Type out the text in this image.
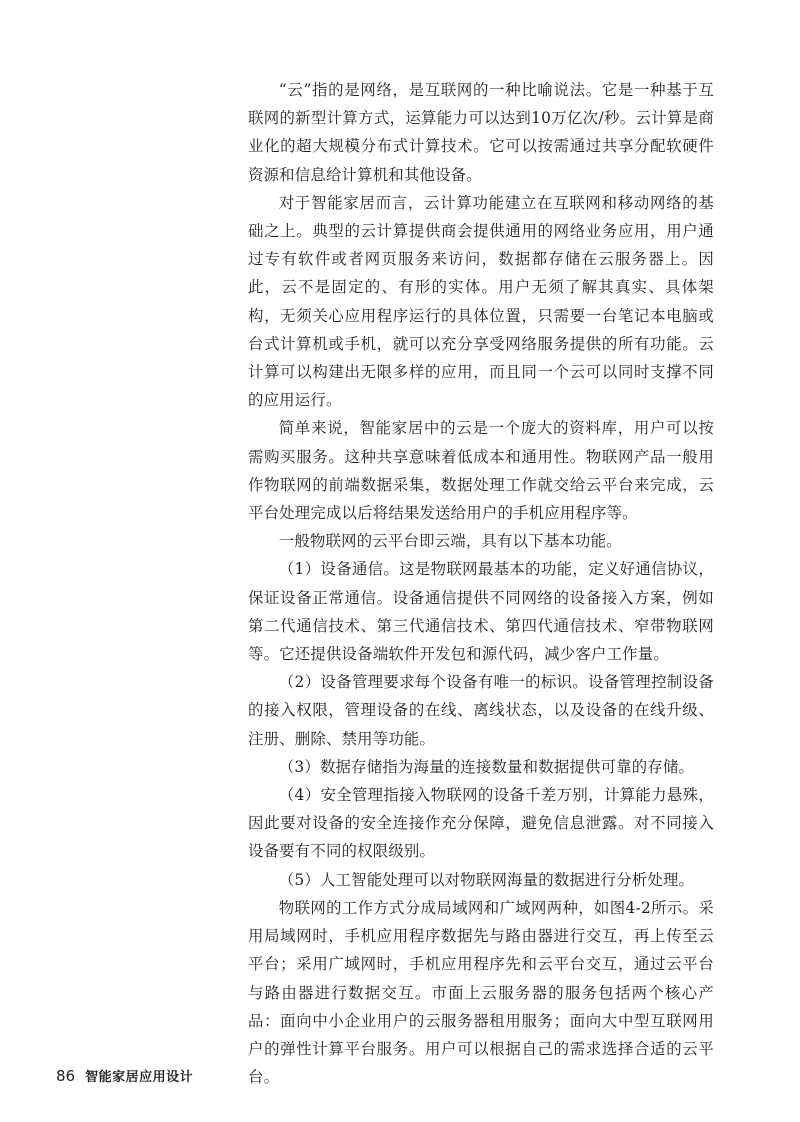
“云”指的是网络，是互联网的一种比喻说法。它是一种基于互联网的新型计算方式，运算能力可以达到10万亿次/秒。云计算是商业化的超大规模分布式计算技术。它可以按需通过共享分配软硬件资源和信息给计算机和其他设备。

对于智能家居而言，云计算功能建立在互联网和移动网络的基础之上。典型的云计算提供商会提供通用的网络业务应用，用户通过专有软件或者网页服务来访问，数据都存储在云服务器上。因此，云不是固定的、有形的实体。用户无须了解其真实、具体架构，无须关心应用程序运行的具体位置，只需要一台笔记本电脑或台式计算机或手机，就可以充分享受网络服务提供的所有功能。云计算可以构建出无限多样的应用，而且同一个云可以同时支撑不同的应用运行。

简单来说，智能家居中的云是一个庞大的资料库，用户可以按需购买服务。这种共享意味着低成本和通用性。物联网产品一般用作物联网的前端数据采集，数据处理工作就交给云平台来完成，云平台处理完成以后将结果发送给用户的手机应用程序等。

一般物联网的云平台即云端，具有以下基本功能。

（1）设备通信。这是物联网最基本的功能，定义好通信协议，保证设备正常通信。设备通信提供不同网络的设备接入方案，例如第二代通信技术、第三代通信技术、第四代通信技术、窄带物联网等。它还提供设备端软件开发包和源代码，减少客户工作量。

（2）设备管理要求每个设备有唯一的标识。设备管理控制设备的接入权限，管理设备的在线、离线状态，以及设备的在线升级、注册、删除、禁用等功能。

（3）数据存储指为海量的连接数量和数据提供可靠的存储。

（4）安全管理指接入物联网的设备千差万别，计算能力悬殊，因此要对设备的安全连接作充分保障，避免信息泄露。对不同接入设备要有不同的权限级别。

（5）人工智能处理可以对物联网海量的数据进行分析处理。

物联网的工作方式分成局域网和广域网两种，如图4-2所示。采用局域网时，手机应用程序数据先与路由器进行交互，再上传至云平台；采用广域网时，手机应用程序先和云平台交互，通过云平台与路由器进行数据交互。市面上云服务器的服务包括两个核心产品：面向中小企业用户的云服务器租用服务；面向大中型互联网用户的弹性计算平台服务。用户可以根据自己的需求选择合适的云平台。

86 智能家居应用设计
